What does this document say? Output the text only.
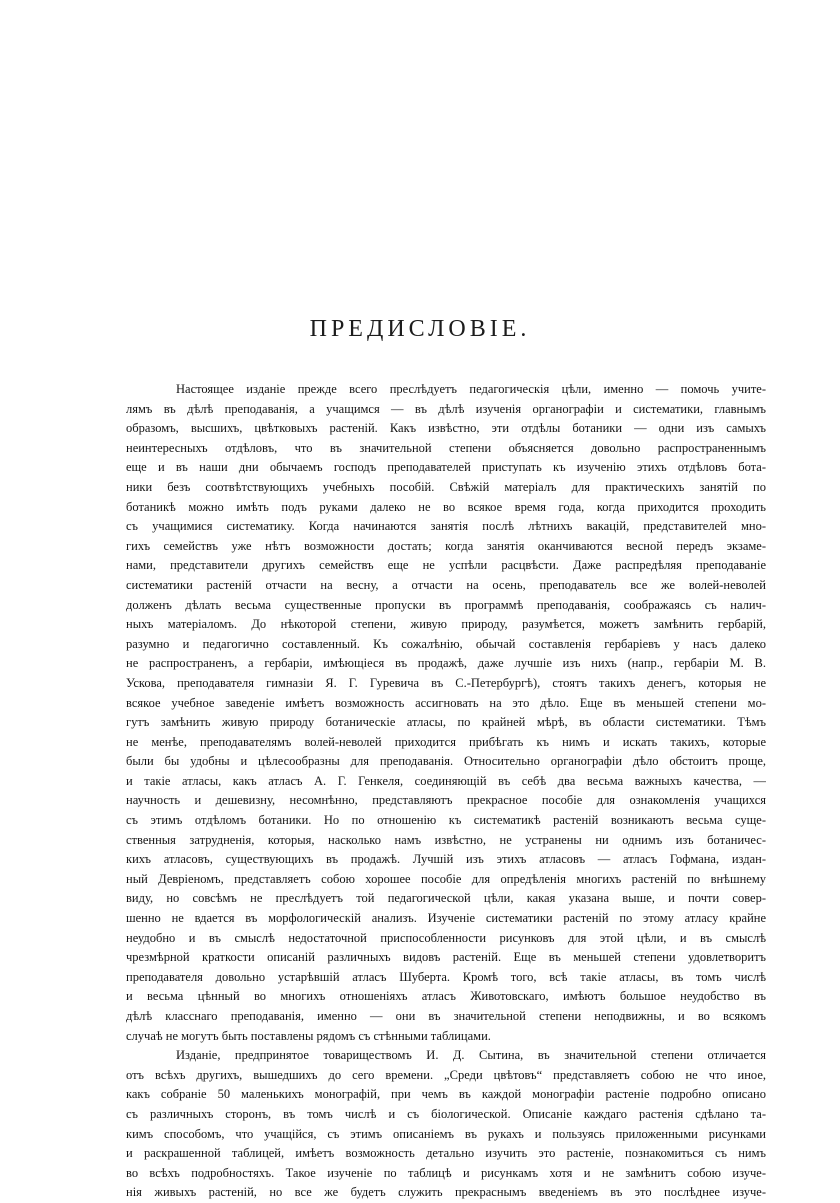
ПРЕДИСЛОВІЕ.
Настоящее изданіе прежде всего преслѣдуетъ педагогическія цѣли, именно — помочь учите-
лямъ въ дѣлѣ преподаванія, а учащимся — въ дѣлѣ изученія органографіи и систематики, главнымъ
образомъ, высшихъ, цвѣтковыхъ растеній. Какъ извѣстно, эти отдѣлы ботаники — одни изъ самыхъ
неинтересныхъ отдѣловъ, что въ значительной степени объясняется довольно распространеннымъ
еще и въ наши дни обычаемъ господъ преподавателей приступать къ изученію этихъ отдѣловъ бота-
ники безъ соотвѣтствующихъ учебныхъ пособій. Свѣжій матеріалъ для практическихъ занятій по
ботаникѣ можно имѣть подъ руками далеко не во всякое время года, когда приходится проходить
съ учащимися систематику. Когда начинаются занятія послѣ лѣтнихъ вакацій, представителей мно-
гихъ семействъ уже нѣтъ возможности достать; когда занятія оканчиваются весной передъ экзаме-
нами, представители другихъ семействъ еще не успѣли расцвѣсти. Даже распредѣляя преподаваніе
систематики растеній отчасти на весну, а отчасти на осень, преподаватель все же волей-неволей
долженъ дѣлать весьма существенные пропуски въ программѣ преподаванія, соображаясь съ налич-
ныхъ матеріаломъ. До нѣкоторой степени, живую природу, разумѣется, можетъ замѣнить гербарій,
разумно и педагогично составленный. Къ сожалѣнію, обычай составленія гербаріевъ у насъ далеко
не распространенъ, а гербаріи, имѣющіеся въ продажѣ, даже лучшіе изъ нихъ (напр., гербаріи М. В.
Ускова, преподавателя гимназіи Я. Г. Гуревича въ С.-Петербургѣ), стоятъ такихъ денегъ, которыя не
всякое учебное заведеніе имѣетъ возможность ассигновать на это дѣло. Еще въ меньшей степени мо-
гутъ замѣнить живую природу ботаническіе атласы, по крайней мѣрѣ, въ области систематики. Тѣмъ
не менѣе, преподавателямъ волей-неволей приходится прибѣгать къ нимъ и искать такихъ, которые
были бы удобны и цѣлесообразны для преподаванія. Относительно органографіи дѣло обстоитъ проще,
и такіе атласы, какъ атласъ А. Г. Генкеля, соединяющій въ себѣ два весьма важныхъ качества, —
научность и дешевизну, несомнѣнно, представляютъ прекрасное пособіе для ознакомленія учащихся
съ этимъ отдѣломъ ботаники. Но по отношенію къ систематикѣ растеній возникаютъ весьма суще-
ственныя затрудненія, которыя, насколько намъ извѣстно, не устранены ни однимъ изъ ботаничес-
кихъ атласовъ, существующихъ въ продажѣ. Лучшій изъ этихъ атласовъ — атласъ Гофмана, издан-
ный Девріеномъ, представляетъ собою хорошее пособіе для опредѣленія многихъ растеній по внѣшнему
виду, но совсѣмъ не преслѣдуетъ той педагогической цѣли, какая указана выше, и почти совер-
шенно не вдается въ морфологическій анализъ. Изученіе систематики растеній по этому атласу крайне
неудобно и въ смыслѣ недостаточной приспособленности рисунковъ для этой цѣли, и въ смыслѣ
чрезмѣрной краткости описаній различныхъ видовъ растеній. Еще въ меньшей степени удовлетворитъ
преподавателя довольно устарѣвшій атласъ Шуберта. Кромѣ того, всѣ такіе атласы, въ томъ числѣ
и весьма цѣнный во многихъ отношеніяхъ атласъ Животовскаго, имѣютъ большое неудобство въ
дѣлѣ класснаго преподаванія, именно — они въ значительной степени неподвижны, и во всякомъ
случаѣ не могутъ быть поставлены рядомъ съ стѣнными таблицами.
Изданіе, предпринятое товариществомъ И. Д. Сытина, въ значительной степени отличается
отъ всѣхъ другихъ, вышедшихъ до сего времени. „Среди цвѣтовъ“ представляетъ собою не что иное,
какъ собраніе 50 маленькихъ монографій, при чемъ въ каждой монографіи растеніе подробно описано
съ различныхъ сторонъ, въ томъ числѣ и съ біологической. Описаніе каждаго растенія сдѣлано та-
кимъ способомъ, что учащійся, съ этимъ описаніемъ въ рукахъ и пользуясь приложенными рисунками
и раскрашенной таблицей, имѣетъ возможность детально изучить это растеніе, познакомиться съ нимъ
во всѣхъ подробностяхъ. Такое изученіе по таблицѣ и рисункамъ хотя и не замѣнитъ собою изуче-
нія живыхъ растеній, но все же будетъ служить прекраснымъ введеніемъ въ это послѣднее изуче-
